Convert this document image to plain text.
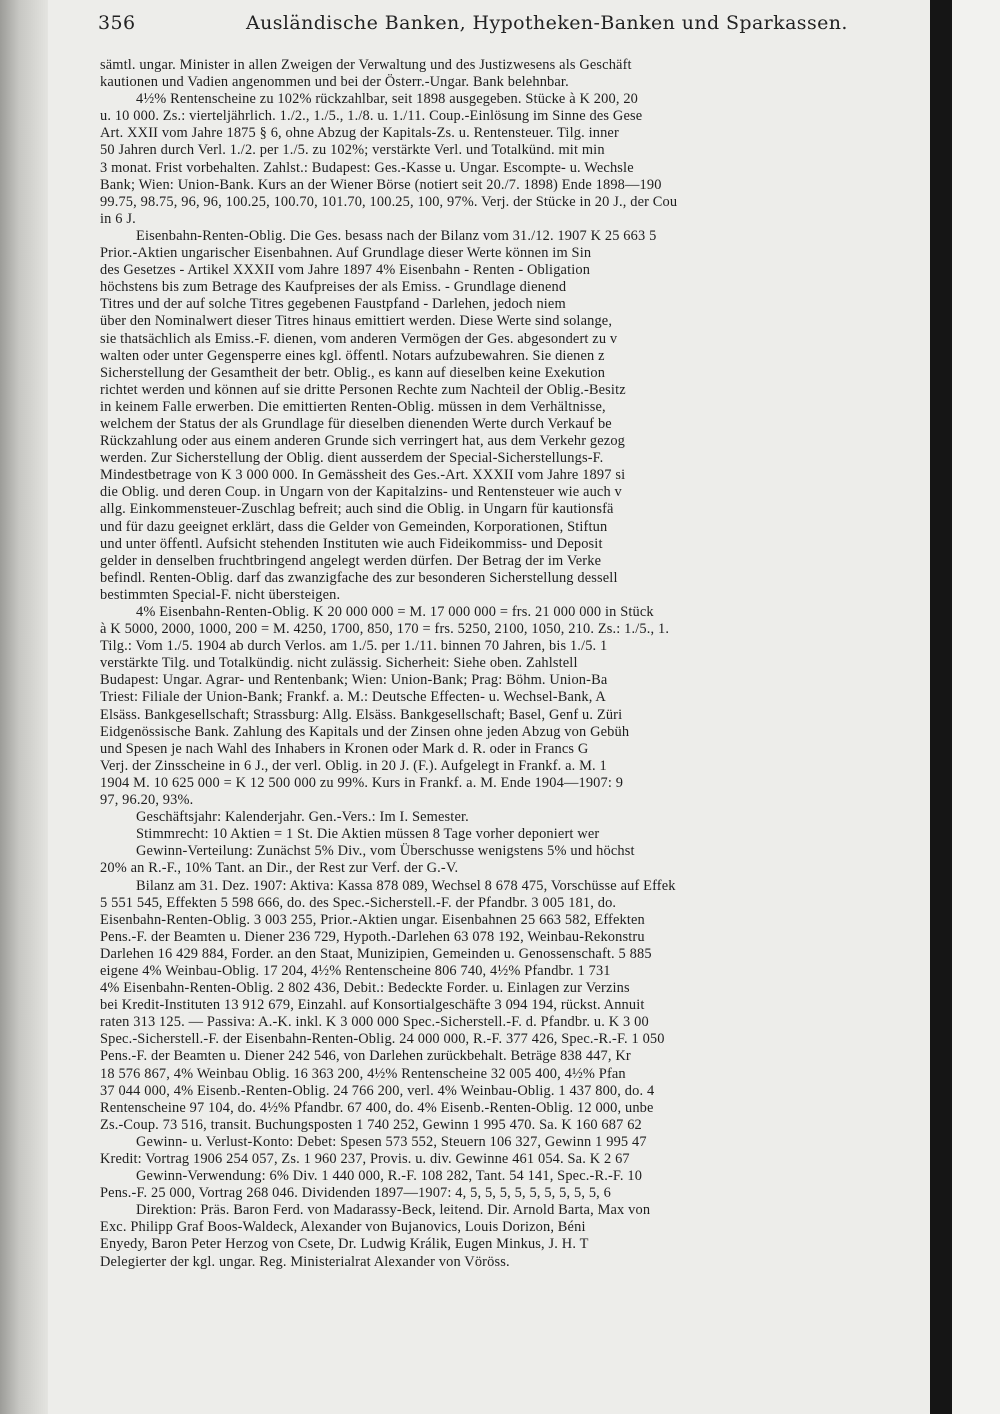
356	Ausländische Banken, Hypotheken-Banken und Sparkassen.
sämtl. ungar. Minister in allen Zweigen der Verwaltung und des Justizwesens als Geschäft
kautionen und Vadien angenommen und bei der Österr.-Ungar. Bank belehnbar.
4½% Rentenscheine zu 102% rückzahlbar, seit 1898 ausgegeben. Stücke à K 200, 20
u. 10 000. Zs.: vierteljährlich. 1./2., 1./5., 1./8. u. 1./11. Coup.-Einlösung im Sinne des Gese
Art. XXII vom Jahre 1875 § 6, ohne Abzug der Kapitals-Zs. u. Rentensteuer. Tilg. inner
50 Jahren durch Verl. 1./2. per 1./5. zu 102%; verstärkte Verl. und Totalkünd. mit min
3 monat. Frist vorbehalten. Zahlst.: Budapest: Ges.-Kasse u. Ungar. Escompte- u. Wechsle
Bank; Wien: Union-Bank. Kurs an der Wiener Börse (notiert seit 20./7. 1898) Ende 1898—190
99.75, 98.75, 96, 96, 100.25, 100.70, 101.70, 100.25, 100, 97%. Verj. der Stücke in 20 J., der Cou
in 6 J.
Eisenbahn-Renten-Oblig. Die Ges. besass nach der Bilanz vom 31./12. 1907 K 25 663 5
Prior.-Aktien ungarischer Eisenbahnen. Auf Grundlage dieser Werte können im Sin
des Gesetzes - Artikel XXXII vom Jahre 1897 4% Eisenbahn - Renten - Obligation
höchstens bis zum Betrage des Kaufpreises der als Emiss. - Grundlage dienend
Titres und der auf solche Titres gegebenen Faustpfand - Darlehen, jedoch niem
über den Nominalwert dieser Titres hinaus emittiert werden. Diese Werte sind solange,
sie thatsächlich als Emiss.-F. dienen, vom anderen Vermögen der Ges. abgesondert zu v
walten oder unter Gegensperre eines kgl. öffentl. Notars aufzubewahren. Sie dienen z
Sicherstellung der Gesamtheit der betr. Oblig., es kann auf dieselben keine Exekution
richtet werden und können auf sie dritte Personen Rechte zum Nachteil der Oblig.-Besitz
in keinem Falle erwerben. Die emittierten Renten-Oblig. müssen in dem Verhältnisse,
welchem der Status der als Grundlage für dieselben dienenden Werte durch Verkauf be
Rückzahlung oder aus einem anderen Grunde sich verringert hat, aus dem Verkehr gezog
werden. Zur Sicherstellung der Oblig. dient ausserdem der Special-Sicherstellungs-F.
Mindestbetrage von K 3 000 000. In Gemässheit des Ges.-Art. XXXII vom Jahre 1897 si
die Oblig. und deren Coup. in Ungarn von der Kapitalzins- und Rentensteuer wie auch v
allg. Einkommensteuer-Zuschlag befreit; auch sind die Oblig. in Ungarn für kautionsfä
und für dazu geeignet erklärt, dass die Gelder von Gemeinden, Korporationen, Stiftun
und unter öffentl. Aufsicht stehenden Instituten wie auch Fideikommiss- und Deposit
gelder in denselben fruchtbringend angelegt werden dürfen. Der Betrag der im Verke
befindl. Renten-Oblig. darf das zwanzigfache des zur besonderen Sicherstellung dessell
bestimmten Special-F. nicht übersteigen.
4% Eisenbahn-Renten-Oblig. K 20 000 000 = M. 17 000 000 = frs. 21 000 000 in Stück
à K 5000, 2000, 1000, 200 = M. 4250, 1700, 850, 170 = frs. 5250, 2100, 1050, 210. Zs.: 1./5., 1.
Tilg.: Vom 1./5. 1904 ab durch Verlos. am 1./5. per 1./11. binnen 70 Jahren, bis 1./5. 1
verstärkte Tilg. und Totalkündig. nicht zulässig. Sicherheit: Siehe oben. Zahlstell
Budapest: Ungar. Agrar- und Rentenbank; Wien: Union-Bank; Prag: Böhm. Union-Ba
Triest: Filiale der Union-Bank; Frankf. a. M.: Deutsche Effecten- u. Wechsel-Bank, A
Elsäss. Bankgesellschaft; Strassburg: Allg. Elsäss. Bankgesellschaft; Basel, Genf u. Züri
Eidgenössische Bank. Zahlung des Kapitals und der Zinsen ohne jeden Abzug von Gebüh
und Spesen je nach Wahl des Inhabers in Kronen oder Mark d. R. oder in Francs G
Verj. der Zinsscheine in 6 J., der verl. Oblig. in 20 J. (F.). Aufgelegt in Frankf. a. M. 1
1904 M. 10 625 000 = K 12 500 000 zu 99%. Kurs in Frankf. a. M. Ende 1904—1907: 9
97, 96.20, 93%.
Geschäftsjahr: Kalenderjahr. Gen.-Vers.: Im I. Semester.
Stimmrecht: 10 Aktien = 1 St. Die Aktien müssen 8 Tage vorher deponiert wer
Gewinn-Verteilung: Zunächst 5% Div., vom Überschusse wenigstens 5% und höchst
20% an R.-F., 10% Tant. an Dir., der Rest zur Verf. der G.-V.
Bilanz am 31. Dez. 1907: Aktiva: Kassa 878 089, Wechsel 8 678 475, Vorschüsse auf Effek
5 551 545, Effekten 5 598 666, do. des Spec.-Sicherstell.-F. der Pfandbr. 3 005 181, do.
Eisenbahn-Renten-Oblig. 3 003 255, Prior.-Aktien ungar. Eisenbahnen 25 663 582, Effekten
Pens.-F. der Beamten u. Diener 236 729, Hypoth.-Darlehen 63 078 192, Weinbau-Rekonstru
Darlehen 16 429 884, Forder. an den Staat, Munizipien, Gemeinden u. Genossenschaft. 5 885
eigene 4% Weinbau-Oblig. 17 204, 4½% Rentenscheine 806 740, 4½% Pfandbr. 1 731
4% Eisenbahn-Renten-Oblig. 2 802 436, Debit.: Bedeckte Forder. u. Einlagen zur Verzins
bei Kredit-Instituten 13 912 679, Einzahl. auf Konsortialgeschäfte 3 094 194, rückst. Annuit
raten 313 125. — Passiva: A.-K. inkl. K 3 000 000 Spec.-Sicherstell.-F. d. Pfandbr. u. K 3 00
Spec.-Sicherstell.-F. der Eisenbahn-Renten-Oblig. 24 000 000, R.-F. 377 426, Spec.-R.-F. 1 050
Pens.-F. der Beamten u. Diener 242 546, von Darlehen zurückbehalt. Beträge 838 447, Kr
18 576 867, 4% Weinbau Oblig. 16 363 200, 4½% Rentenscheine 32 005 400, 4½% Pfan
37 044 000, 4% Eisenb.-Renten-Oblig. 24 766 200, verl. 4% Weinbau-Oblig. 1 437 800, do. 4
Rentenscheine 97 104, do. 4½% Pfandbr. 67 400, do. 4% Eisenb.-Renten-Oblig. 12 000, unbe
Zs.-Coup. 73 516, transit. Buchungsposten 1 740 252, Gewinn 1 995 470. Sa. K 160 687 62
Gewinn- u. Verlust-Konto: Debet: Spesen 573 552, Steuern 106 327, Gewinn 1 995 47
Kredit: Vortrag 1906 254 057, Zs. 1 960 237, Provis. u. div. Gewinne 461 054. Sa. K 2 67
Gewinn-Verwendung: 6% Div. 1 440 000, R.-F. 108 282, Tant. 54 141, Spec.-R.-F. 10
Pens.-F. 25 000, Vortrag 268 046. Dividenden 1897—1907: 4, 5, 5, 5, 5, 5, 5, 5, 5, 5, 6
Direktion: Präs. Baron Ferd. von Madarassy-Beck, leitend. Dir. Arnold Barta, Max von
Exc. Philipp Graf Boos-Waldeck, Alexander von Bujanovics, Louis Dorizon, Béni
Enyedy, Baron Peter Herzog von Csete, Dr. Ludwig Králik, Eugen Minkus, J. H. T
Delegierter der kgl. ungar. Reg. Ministerialrat Alexander von Vöröss.
